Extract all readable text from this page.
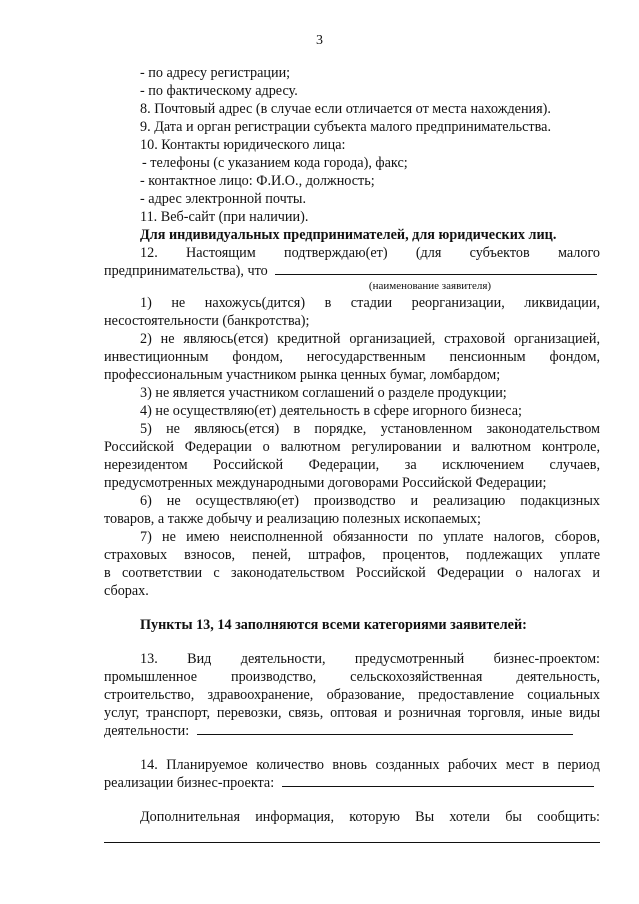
3
- по адресу регистрации;
- по фактическому адресу.
8. Почтовый адрес (в случае если отличается от места нахождения).
9. Дата и орган регистрации субъекта малого предпринимательства.
10. Контакты юридического лица:
- телефоны (с указанием кода города), факс;
- контактное лицо: Ф.И.О., должность;
- адрес электронной почты.
11. Веб-сайт (при наличии).
Для индивидуальных предпринимателей, для юридических лиц.
12. Настоящим подтверждаю(ет) (для субъектов малого
предпринимательства), что
(наименование заявителя)
1) не нахожусь(дится) в стадии реорганизации, ликвидации,
несостоятельности (банкротства);
2) не являюсь(ется) кредитной организацией, страховой организацией,
инвестиционным фондом, негосударственным пенсионным фондом,
профессиональным участником рынка ценных бумаг, ломбардом;
3) не является участником соглашений о разделе продукции;
4) не осуществляю(ет) деятельность в сфере игорного бизнеса;
5) не являюсь(ется) в порядке, установленном законодательством
Российской Федерации о валютном регулировании и валютном контроле,
нерезидентом Российской Федерации, за исключением случаев,
предусмотренных международными договорами Российской Федерации;
6) не осуществляю(ет) производство и реализацию подакцизных
товаров, а также добычу и реализацию полезных ископаемых;
7) не имею неисполненной обязанности по уплате налогов, сборов,
страховых взносов, пеней, штрафов, процентов, подлежащих уплате
в соответствии с законодательством Российской Федерации о налогах и
сборах.
Пункты 13, 14 заполняются всеми категориями заявителей:
13. Вид деятельности, предусмотренный бизнес-проектом:
промышленное производство, сельскохозяйственная деятельность,
строительство, здравоохранение, образование, предоставление социальных
услуг, транспорт, перевозки, связь, оптовая и розничная торговля, иные виды
деятельности:
14. Планируемое количество вновь созданных рабочих мест в период
реализации бизнес-проекта:
Дополнительная информация, которую Вы хотели бы сообщить:
